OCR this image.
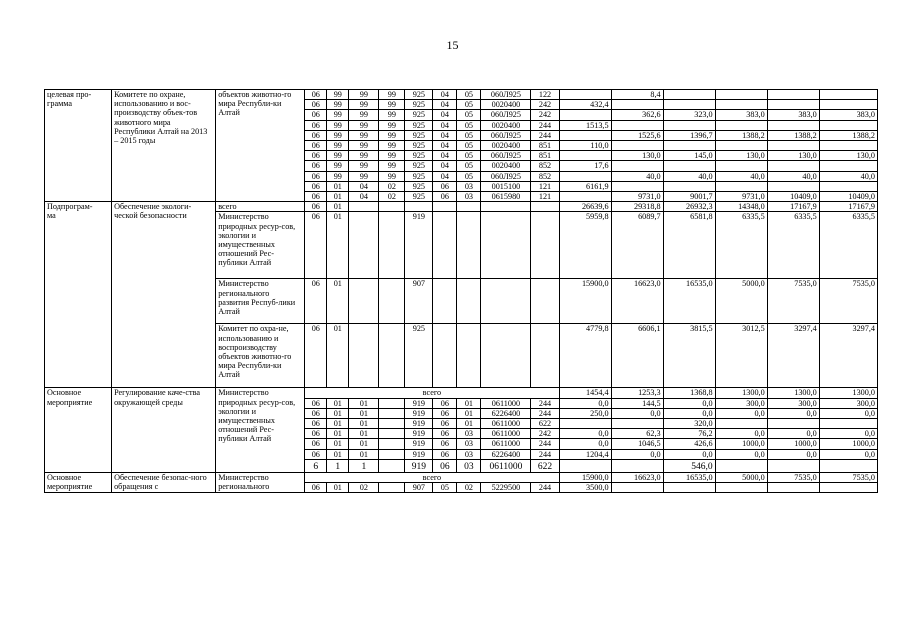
15
целевая про-
грамма	Комитете по охране, использованию и вос-производству объек-тов животного мира Республики Алтай на 2013 – 2015 годы	объектов животно-го мира Республи-ки Алтай	06	99	99	99	925	04	05	060Л925	122		8,4				
			06	99	99	99	925	04	05	0020400	242	432,4					
			06	99	99	99	925	04	05	060Л925	242		362,6	323,0	383,0	383,0	383,0
			06	99	99	99	925	04	05	0020400	244	1513,5					
			06	99	99	99	925	04	05	060Л925	244		1525,6	1396,7	1388,2	1388,2	1388,2
			06	99	99	99	925	04	05	0020400	851	110,0					
			06	99	99	99	925	04	05	060Л925	851		130,0	145,0	130,0	130,0	130,0
			06	99	99	99	925	04	05	0020400	852	17,6					
			06	99	99	99	925	04	05	060Л925	852		40,0	40,0	40,0	40,0	40,0
			06	01	04	02	925	06	03	0015100	121	6161,9					
			06	01	04	02	925	06	03	0615980	121		9731,0	9001,7	9731,0	10409,0	10409,0
Подпрограм-
ма	Обеспечение экологи-ческой безопасности	всего	06	01								26639,6	29318,8	26932,3	14348,0	17167,9	17167,9
		Министерство природных ресур-сов, экологии и имущественных отношений Рес-публики Алтай	06	01			919					5959,8	6089,7	6581,8	6335,5	6335,5	6335,5
		Министерство регионального развития Респуб-лики Алтай	06	01			907					15900,0	16623,0	16535,0	5000,0	7535,0	7535,0
		Комитет по охра-не, использованию и воспроизводству объектов животно-го мира Республи-ки Алтай	06	01			925					4779,8	6606,1	3815,5	3012,5	3297,4	3297,4
Основное
мероприятие	Регулирование каче-ства окружающей среды	Министерство природных ресур-сов, экологии и имущественных отношений Рес-публики Алтай	всего									1454,4	1253,3	1368,8	1300,0	1300,0	1300,0
			06	01	01		919	06	01	0611000	244	0,0	144,5	0,0	300,0	300,0	300,0
			06	01	01		919	06	01	6226400	244	250,0	0,0	0,0	0,0	0,0	0,0
			06	01	01		919	06	01	0611000	622			320,0			
			06	01	01		919	06	03	0611000	242	0,0	62,3	76,2	0,0	0,0	0,0
			06	01	01		919	06	03	0611000	244	0,0	1046,5	426,6	1000,0	1000,0	1000,0
			06	01	01		919	06	03	6226400	244	1204,4	0,0	0,0	0,0	0,0	0,0
			6	1	1		919	06	03	0611000	622			546,0			
Основное
мероприятие	Обеспечение безопас-ного обращения с	Министерство регионального	всего									15900,0	16623,0	16535,0	5000,0	7535,0	7535,0
			06	01	02		907	05	02	5229500	244	3500,0					
